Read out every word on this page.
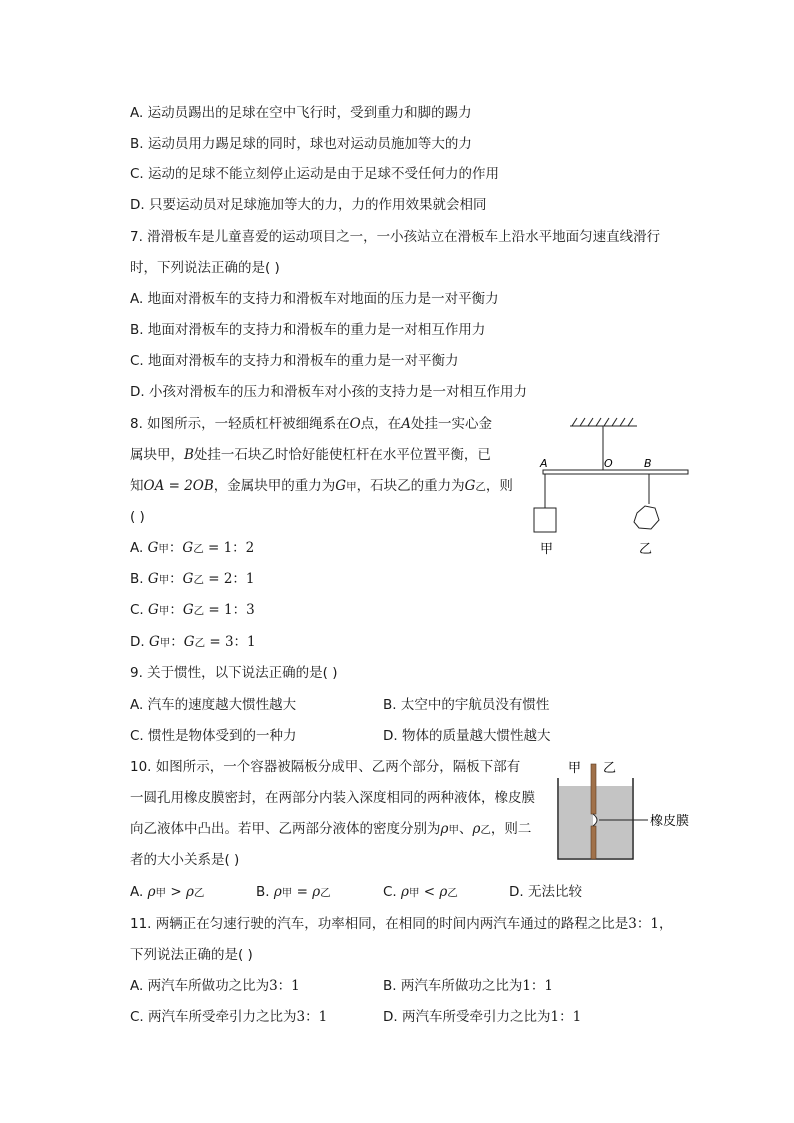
A. 运动员踢出的足球在空中飞行时，受到重力和脚的踢力
B. 运动员用力踢足球的同时，球也对运动员施加等大的力
C. 运动的足球不能立刻停止运动是由于足球不受任何力的作用
D. 只要运动员对足球施加等大的力，力的作用效果就会相同
7. 滑滑板车是儿童喜爱的运动项目之一，一小孩站立在滑板车上沿水平地面匀速直线滑行
时，下列说法正确的是( )
A. 地面对滑板车的支持力和滑板车对地面的压力是一对平衡力
B. 地面对滑板车的支持力和滑板车的重力是一对相互作用力
C. 地面对滑板车的支持力和滑板车的重力是一对平衡力
D. 小孩对滑板车的压力和滑板车对小孩的支持力是一对相互作用力
8. 如图所示，一轻质杠杆被细绳系在O点，在A处挂一实心金
属块甲，B处挂一石块乙时恰好能使杠杆在水平位置平衡，已
知OA = 2OB，金属块甲的重力为G甲，石块乙的重力为G乙，则
( )
A. G甲：G乙 = 1：2
B. G甲：G乙 = 2：1
C. G甲：G乙 = 1：3
D. G甲：G乙 = 3：1
A	O	B
甲	乙
9. 关于惯性，以下说法正确的是( )
A. 汽车的速度越大惯性越大	B. 太空中的宇航员没有惯性
C. 惯性是物体受到的一种力	D. 物体的质量越大惯性越大
10. 如图所示，一个容器被隔板分成甲、乙两个部分，隔板下部有
一圆孔用橡皮膜密封，在两部分内装入深度相同的两种液体，橡皮膜
向乙液体中凸出。若甲、乙两部分液体的密度分别为ρ甲、ρ乙，则二
者的大小关系是( )
A. ρ甲 > ρ乙	B. ρ甲 = ρ乙	C. ρ甲 < ρ乙	D. 无法比较
甲 乙
橡皮膜
11. 两辆正在匀速行驶的汽车，功率相同，在相同的时间内两汽车通过的路程之比是3：1，
下列说法正确的是( )
A. 两汽车所做功之比为3：1	B. 两汽车所做功之比为1：1
C. 两汽车所受牵引力之比为3：1	D. 两汽车所受牵引力之比为1：1
